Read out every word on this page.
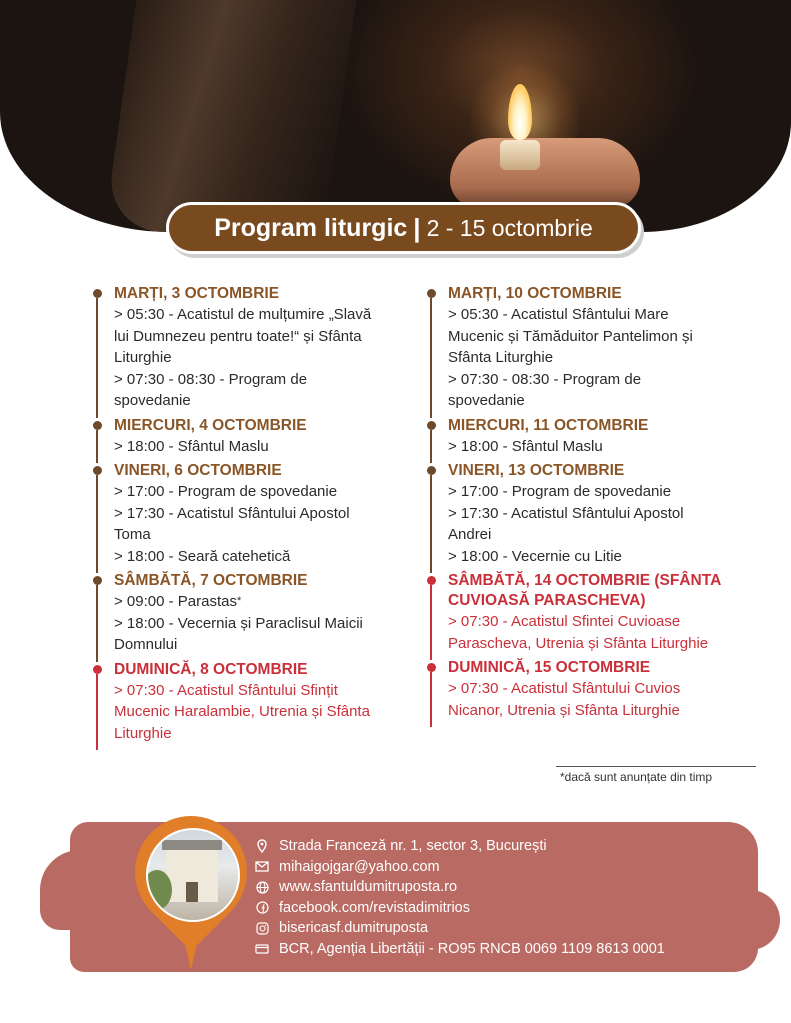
Program liturgic | 2 - 15 octombrie
MARȚI, 3 OCTOMBRIE
> 05:30 - Acatistul de mulțumire „Slavă
lui Dumnezeu pentru toate!“ și Sfânta
Liturghie
> 07:30 - 08:30 - Program de
spovedanie
MIERCURI, 4 OCTOMBRIE
> 18:00 - Sfântul Maslu
VINERI, 6 OCTOMBRIE
> 17:00 - Program de spovedanie
> 17:30 - Acatistul Sfântului Apostol
Toma
> 18:00 - Seară catehetică
SÂMBĂTĂ, 7 OCTOMBRIE
> 09:00 - Parastas*
> 18:00 - Vecernia și Paraclisul Maicii
Domnului
DUMINICĂ, 8 OCTOMBRIE
> 07:30 - Acatistul Sfântului Sfințit
Mucenic Haralambie, Utrenia și Sfânta
Liturghie
MARȚI, 10 OCTOMBRIE
> 05:30 - Acatistul Sfântului Mare
Mucenic și Tămăduitor Pantelimon și
Sfânta Liturghie
> 07:30 - 08:30 - Program de
spovedanie
MIERCURI, 11 OCTOMBRIE
> 18:00 - Sfântul Maslu
VINERI, 13 OCTOMBRIE
> 17:00 - Program de spovedanie
> 17:30 - Acatistul Sfântului Apostol
Andrei
> 18:00 - Vecernie cu Litie
SÂMBĂTĂ, 14 OCTOMBRIE (SFÂNTA
CUVIOASĂ PARASCHEVA)
> 07:30 - Acatistul Sfintei Cuvioase
Parascheva, Utrenia și Sfânta Liturghie
DUMINICĂ, 15 OCTOMBRIE
> 07:30 - Acatistul Sfântului Cuvios
Nicanor, Utrenia și Sfânta Liturghie
*dacă sunt anunțate din timp
Strada Franceză nr. 1, sector 3, București
mihaigojgar@yahoo.com
www.sfantuldumitruposta.ro
facebook.com/revistadimitrios
bisericasf.dumitruposta
BCR, Agenția Libertății - RO95 RNCB 0069 1109 8613 0001
